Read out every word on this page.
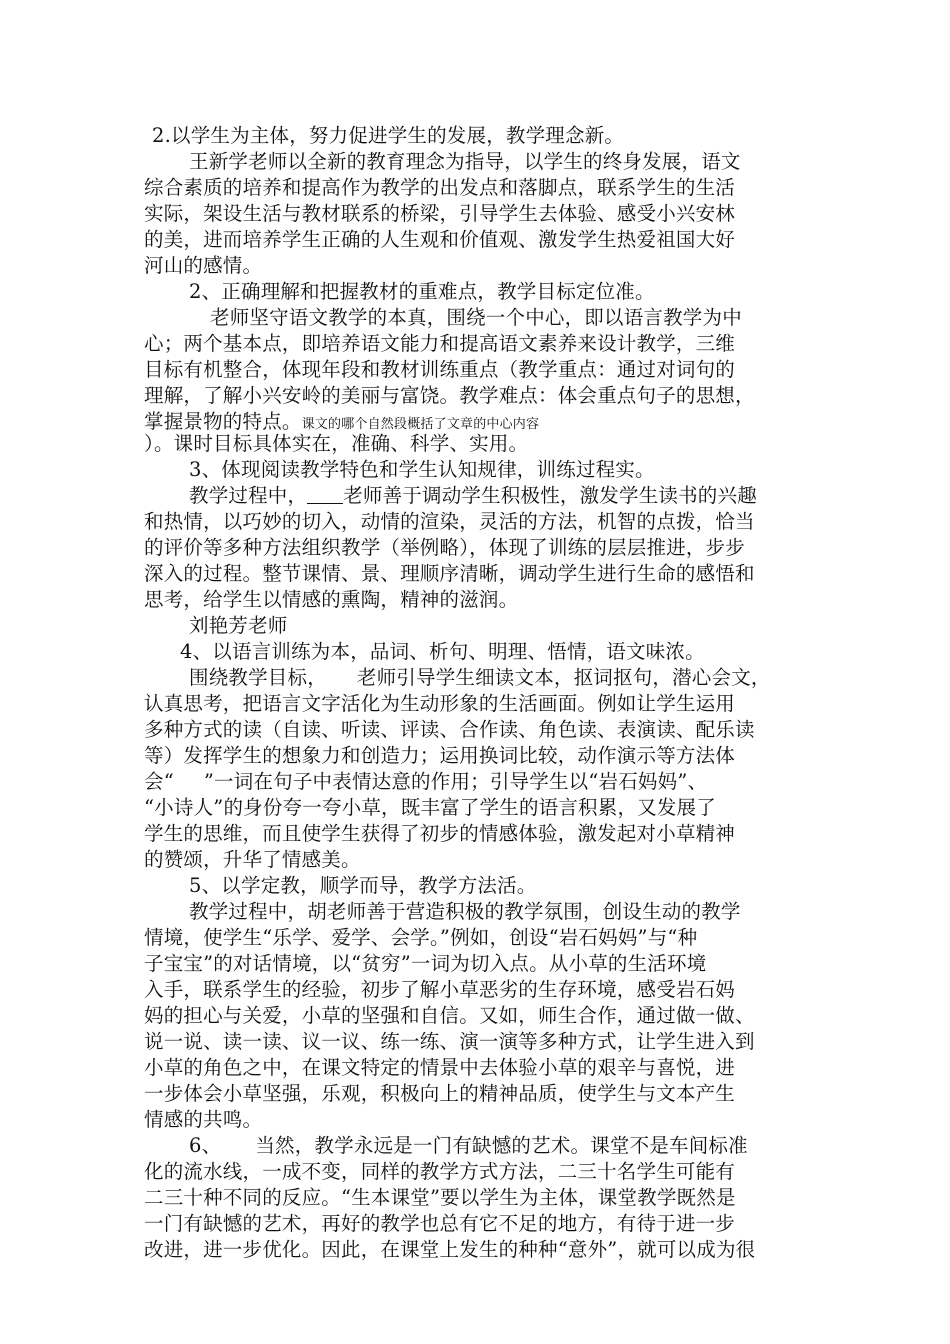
2.以学生为主体，努力促进学生的发展，教学理念新。
王新学老师以全新的教育理念为指导，以学生的终身发展，语文
综合素质的培养和提高作为教学的出发点和落脚点，联系学生的生活
实际，架设生活与教材联系的桥梁，引导学生去体验、感受小兴安林
的美，进而培养学生正确的人生观和价值观、激发学生热爱祖国大好
河山的感情。
2、正确理解和把握教材的重难点，教学目标定位准。
老师坚守语文教学的本真，围绕一个中心，即以语言教学为中
心；两个基本点，即培养语文能力和提高语文素养来设计教学，三维
目标有机整合，体现年段和教材训练重点（教学重点：通过对词句的
理解，了解小兴安岭的美丽与富饶。教学难点：体会重点句子的思想，
掌握景物的特点。课文的哪个自然段概括了文章的中心内容
）。课时目标具体实在，准确、科学、实用。
3、体现阅读教学特色和学生认知规律，训练过程实。
教学过程中， 老师善于调动学生积极性，激发学生读书的兴趣
和热情，以巧妙的切入，动情的渲染，灵活的方法，机智的点拨，恰当
的评价等多种方法组织教学（举例略），体现了训练的层层推进，步步
深入的过程。整节课情、景、理顺序清晰，调动学生进行生命的感悟和
思考，给学生以情感的熏陶，精神的滋润。
刘艳芳老师
4、以语言训练为本，品词、析句、明理、悟情，语文味浓。
围绕教学目标， 老师引导学生细读文本，抠词抠句，潜心会文，
认真思考，把语言文字活化为生动形象的生活画面。例如让学生运用
多种方式的读（自读、听读、评读、合作读、角色读、表演读、配乐读
等）发挥学生的想象力和创造力；运用换词比较，动作演示等方法体
会“ ”一词在句子中表情达意的作用；引导学生以“岩石妈妈”、
“小诗人”的身份夸一夸小草，既丰富了学生的语言积累，又发展了
学生的思维，而且使学生获得了初步的情感体验，激发起对小草精神
的赞颂，升华了情感美。
5、以学定教，顺学而导，教学方法活。
教学过程中，胡老师善于营造积极的教学氛围，创设生动的教学
情境，使学生“乐学、爱学、会学。”例如，创设“岩石妈妈”与“种
子宝宝”的对话情境，以“贫穷”一词为切入点。从小草的生活环境
入手，联系学生的经验，初步了解小草恶劣的生存环境，感受岩石妈
妈的担心与关爱，小草的坚强和自信。又如，师生合作，通过做一做、
说一说、读一读、议一议、练一练、演一演等多种方式，让学生进入到
小草的角色之中，在课文特定的情景中去体验小草的艰辛与喜悦，进
一步体会小草坚强，乐观，积极向上的精神品质，使学生与文本产生
情感的共鸣。
6、 当然，教学永远是一门有缺憾的艺术。课堂不是车间标准
化的流水线，一成不变，同样的教学方式方法，二三十名学生可能有
二三十种不同的反应。“生本课堂”要以学生为主体，课堂教学既然是
一门有缺憾的艺术，再好的教学也总有它不足的地方，有待于进一步
改进，进一步优化。因此，在课堂上发生的种种“意外”，就可以成为很
